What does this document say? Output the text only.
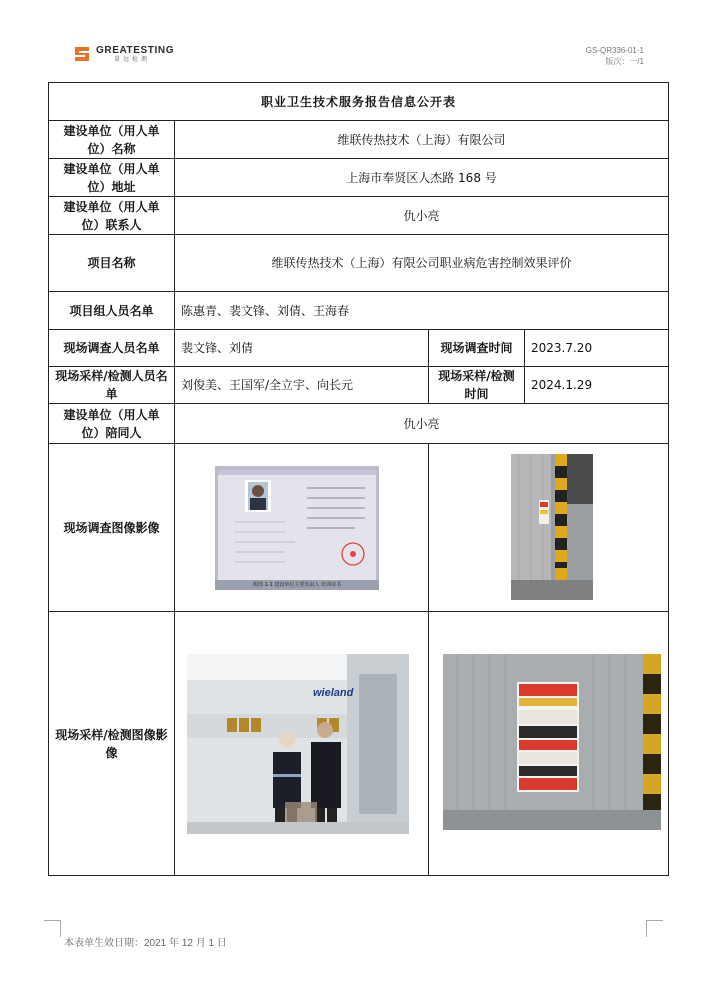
GREATESTING
量远检测
GS-QR336-01-1
版次：一/1
职业卫生技术服务报告信息公开表			
建设单位（用人单位）名称	维联传热技术（上海）有限公司		
建设单位（用人单位）地址	上海市奉贤区人杰路 168 号		
建设单位（用人单位）联系人	仇小亮		
项目名称	维联传热技术（上海）有限公司职业病危害控制效果评价		
项目组人员名单	陈惠青、裴文锋、刘倩、王海春		
现场调查人员名单	裴文锋、刘倩	现场调查时间	2023.7.20
现场采样/检测人员名单	刘俊美、王国军/全立宇、向长元	现场采样/检测时间	2024.1.29
建设单位（用人单位）陪同人	仇小亮		
现场调查图像影像	附图 1-1 建设单位主要负责人 培训证书

现场采样/检测图像影像	wieland

本表单生效日期：2021 年 12 月 1 日
